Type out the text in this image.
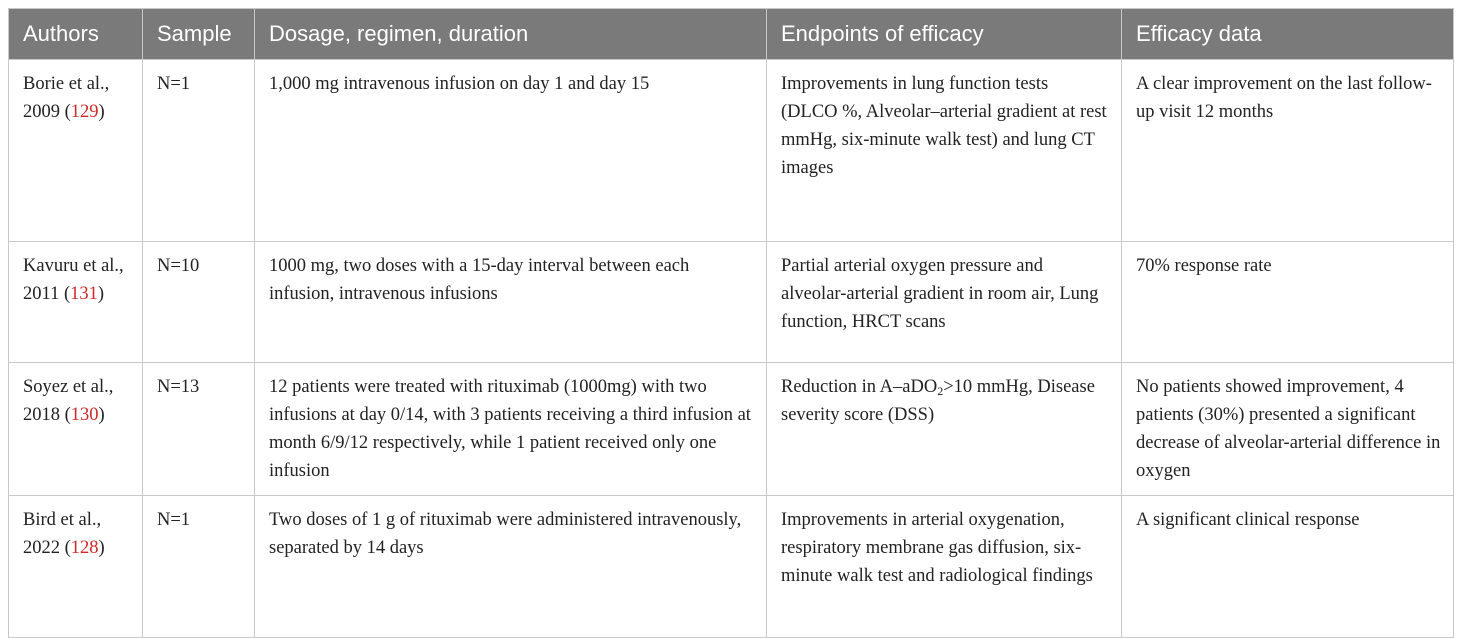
Authors	Sample	Dosage, regimen, duration	Endpoints of efficacy	Efficacy data
Borie et al., 2009 (129)	N=1	1,000 mg intravenous infusion on day 1 and day 15	Improvements in lung function tests (DLCO %, Alveolar–arterial gradient at rest mmHg, six-minute walk test) and lung CT images	A clear improvement on the last follow-up visit 12 months
Kavuru et al., 2011 (131)	N=10	1000 mg, two doses with a 15-day interval between each infusion, intravenous infusions	Partial arterial oxygen pressure and alveolar-arterial gradient in room air, Lung function, HRCT scans	70% response rate
Soyez et al., 2018 (130)	N=13	12 patients were treated with rituximab (1000mg) with two infusions at day 0/14, with 3 patients receiving a third infusion at month 6/9/12 respectively, while 1 patient received only one infusion	Reduction in A–aDO$_2$>10 mmHg, Disease severity score (DSS)	No patients showed improvement, 4 patients (30%) presented a significant decrease of alveolar-arterial difference in oxygen
Bird et al., 2022 (128)	N=1	Two doses of 1 g of rituximab were administered intravenously, separated by 14 days	Improvements in arterial oxygenation, respiratory membrane gas diffusion, six-minute walk test and radiological findings	A significant clinical response
